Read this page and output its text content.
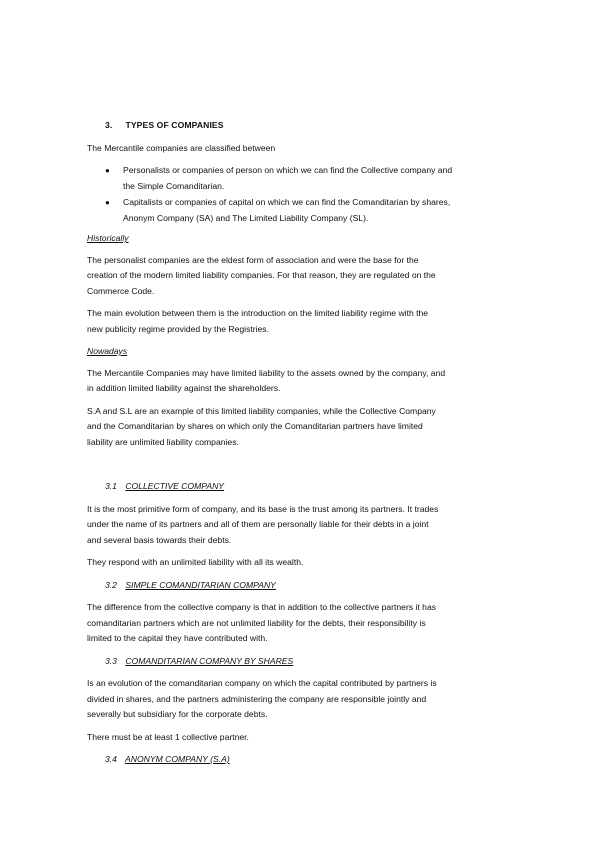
3. TYPES OF COMPANIES

The Mercantile companies are classified between

● Personalists or companies of person on which we can find the Collective company and
the Simple Comanditarian.
● Capitalists or companies of capital on which we can find the Comanditarian by shares,
Anonym Company (SA) and The Limited Liability Company (SL).
Historically

The personalist companies are the eldest form of association and were the base for the
creation of the modern limited liability companies. For that reason, they are regulated on the
Commerce Code.

The main evolution between them is the introduction on the limited liability regime with the
new publicity regime provided by the Registries.

Nowadays

The Mercantile Companies may have limited liability to the assets owned by the company, and
in addition limited liability against the shareholders.

S.A and S.L are an example of this limited liability companies, while the Collective Company
and the Comanditarian by shares on which only the Comanditarian partners have limited
liability are unlimited liability companies.

3.1 COLLECTIVE COMPANY

It is the most primitive form of company, and its base is the trust among its partners. It trades
under the name of its partners and all of them are personally liable for their debts in a joint
and several basis towards their debts.

They respond with an unlimited liability with all its wealth.

3.2 SIMPLE COMANDITARIAN COMPANY

The difference from the collective company is that in addition to the collective partners it has
comanditarian partners which are not unlimited liability for the debts, their responsibility is
limited to the capital they have contributed with.

3.3 COMANDITARIAN COMPANY BY SHARES

Is an evolution of the comanditarian company on which the capital contributed by partners is
divided in shares, and the partners administering the company are responsible jointly and
severally but subsidiary for the corporate debts.

There must be at least 1 collective partner.

3.4 ANONYM COMPANY (S.A)
